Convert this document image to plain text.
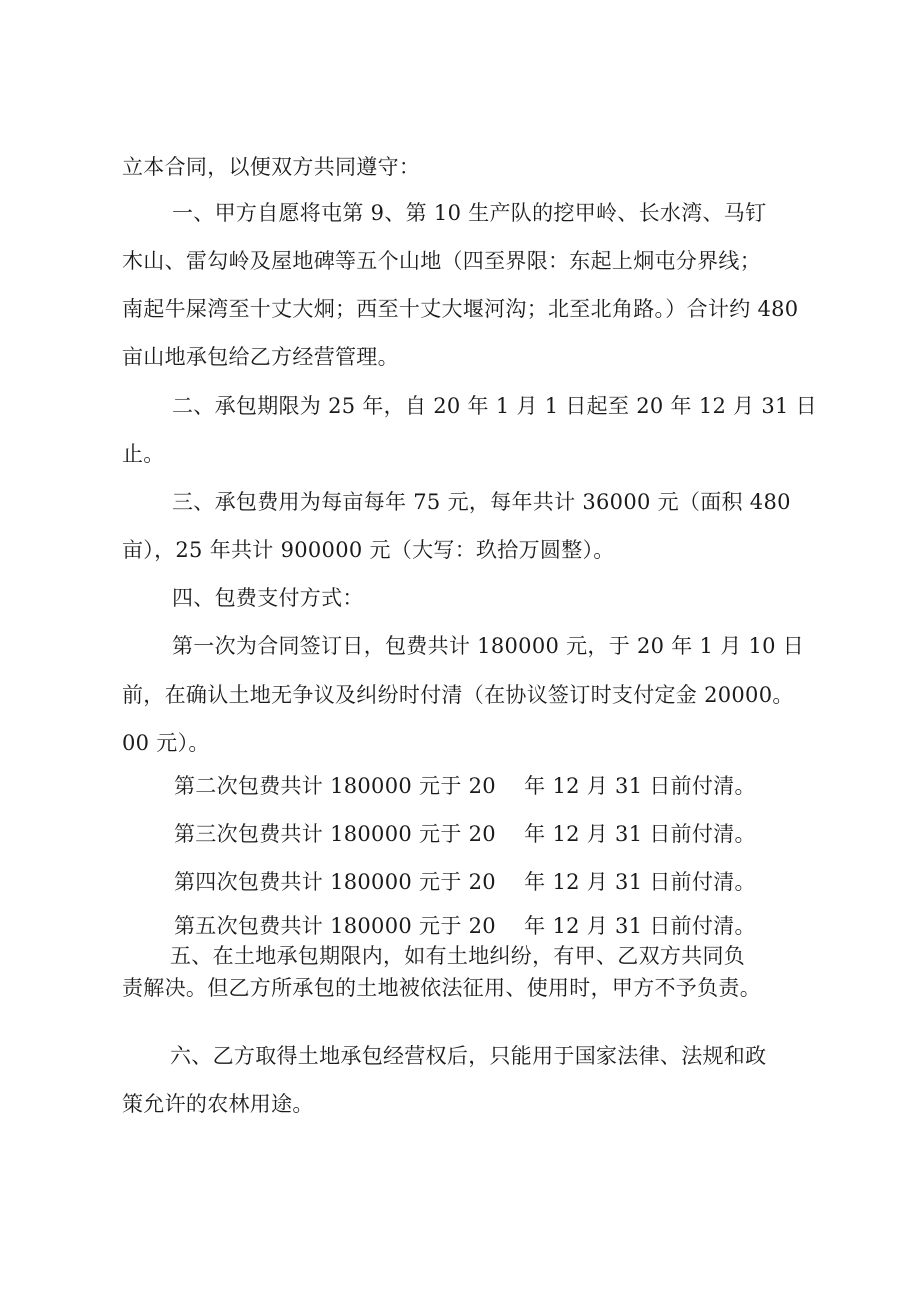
立本合同，以便双方共同遵守：
一、甲方自愿将屯第 9、第 10 生产队的挖甲岭、长水湾、马钉
木山、雷勾岭及屋地碑等五个山地（四至界限：东起上炯屯分界线；
南起牛屎湾至十丈大炯；西至十丈大堰河沟；北至北角路。）合计约 480
亩山地承包给乙方经营管理。
二、承包期限为 25 年，自 20 年 1 月 1 日起至 20 年 12 月 31 日
止。
三、承包费用为每亩每年 75 元，每年共计 36000 元（面积 480
亩），25 年共计 900000 元（大写：玖拾万圆整）。
四、包费支付方式：
第一次为合同签订日，包费共计 180000 元，于 20 年 1 月 10 日
前，在确认土地无争议及纠纷时付清（在协议签订时支付定金 20000。
00 元）。
第二次包费共计 180000 元于 20　 年 12 月 31 日前付清。
第三次包费共计 180000 元于 20　 年 12 月 31 日前付清。
第四次包费共计 180000 元于 20　 年 12 月 31 日前付清。
第五次包费共计 180000 元于 20　 年 12 月 31 日前付清。
五、在土地承包期限内，如有土地纠纷，有甲、乙双方共同负
责解决。但乙方所承包的土地被依法征用、使用时，甲方不予负责。
六、乙方取得土地承包经营权后，只能用于国家法律、法规和政
策允许的农林用途。
